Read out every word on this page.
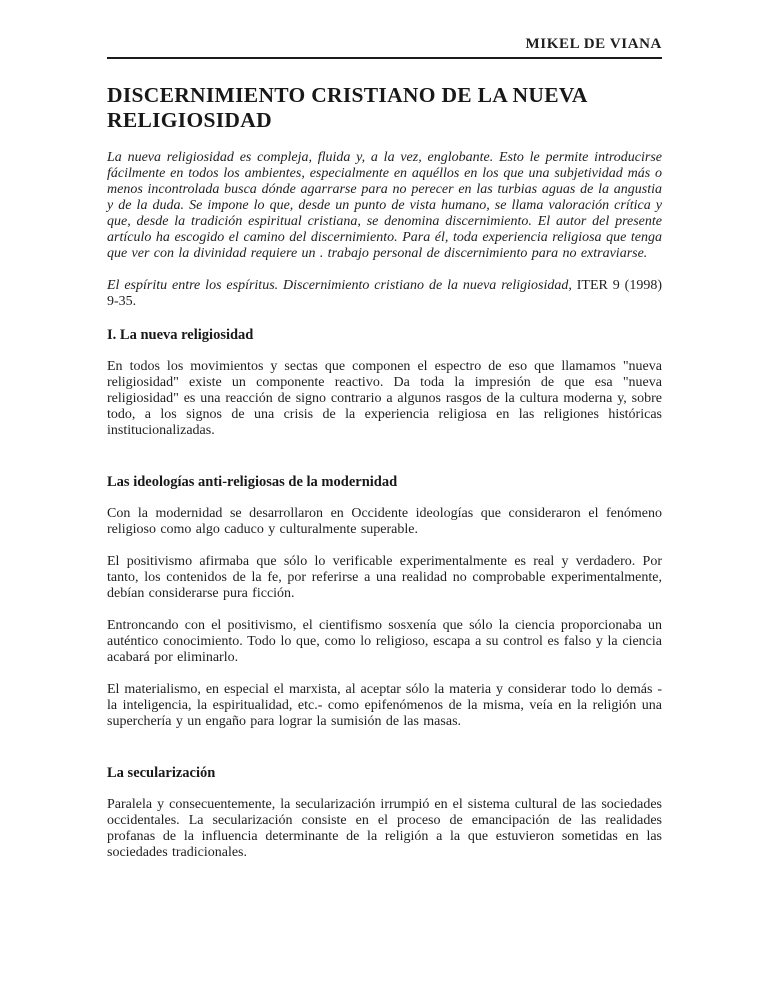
MIKEL DE VIANA
DISCERNIMIENTO CRISTIANO DE LA NUEVA RELIGIOSIDAD

La nueva religiosidad es compleja, fluida y, a la vez, englobante. Esto le permite introducirse fácilmente en todos los ambientes, especialmente en aquéllos en los que una subjetividad más o menos incontrolada busca dónde agarrarse para no perecer en las turbias aguas de la angustia y de la duda. Se impone lo que, desde un punto de vista humano, se llama valoración crítica y que, desde la tradición espiritual cristiana, se denomina discernimiento. El autor del presente artículo ha escogido el camino del discernimiento. Para él, toda experiencia religiosa que tenga que ver con la divinidad requiere un . trabajo personal de discernimiento para no extraviarse.

El espíritu entre los espíritus. Discernimiento cristiano de la nueva religiosidad, ITER 9 (1998) 9-35.

I. La nueva religiosidad

En todos los movimientos y sectas que componen el espectro de eso que llamamos "nueva religiosidad" existe un componente reactivo. Da toda la impresión de que esa "nueva religiosidad" es una reacción de signo contrario a algunos rasgos de la cultura moderna y, sobre todo, a los signos de una crisis de la experiencia religiosa en las religiones históricas institucionalizadas.

Las ideologías anti-religiosas de la modernidad

Con la modernidad se desarrollaron en Occidente ideologías que consideraron el fenómeno religioso como algo caduco y culturalmente superable.

El positivismo afirmaba que sólo lo verificable experimentalmente es real y verdadero. Por tanto, los contenidos de la fe, por referirse a una realidad no comprobable experimentalmente, debían considerarse pura ficción.

Entroncando con el positivismo, el cientifismo sosxenía que sólo la ciencia proporcionaba un auténtico conocimiento. Todo lo que, como lo religioso, escapa a su control es falso y la ciencia acabará por eliminarlo.

El materialismo, en especial el marxista, al aceptar sólo la materia y considerar todo lo demás -la inteligencia, la espiritualidad, etc.- como epifenómenos de la misma, veía en la religión una superchería y un engaño para lograr la sumisión de las masas.

La secularización

Paralela y consecuentemente, la secularización irrumpió en el sistema cultural de las sociedades occidentales. La secularización consiste en el proceso de emancipación de las realidades profanas de la influencia determinante de la religión a la que estuvieron sometidas en las sociedades tradicionales.
